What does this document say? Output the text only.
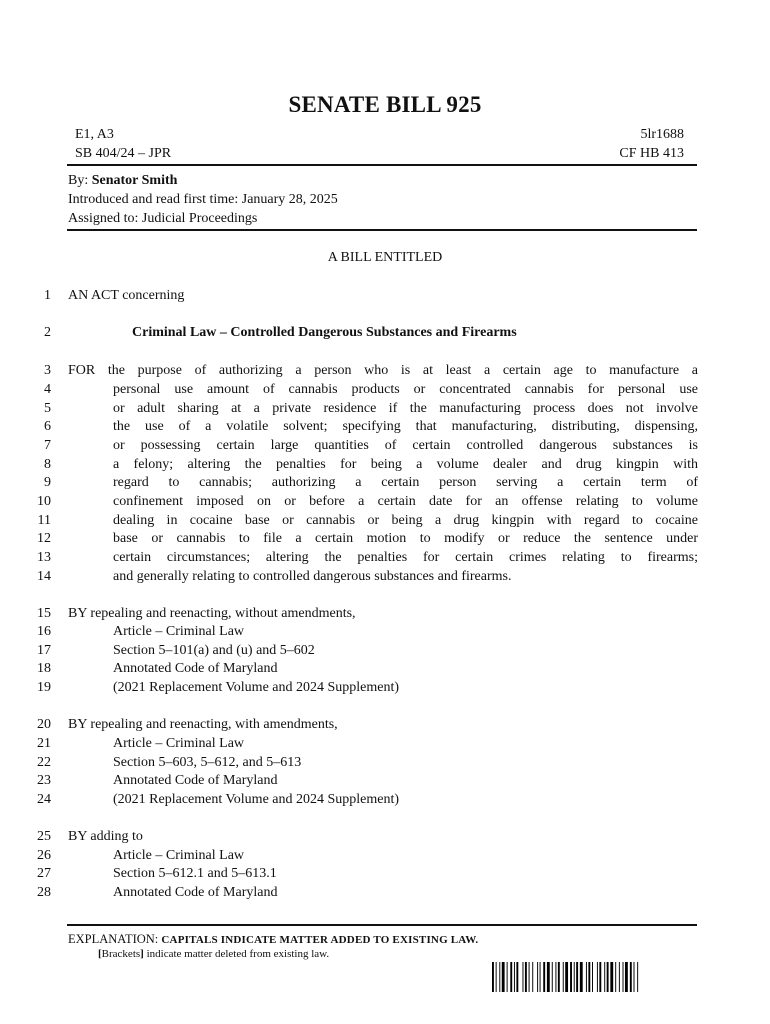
SENATE BILL 925
E1, A3
SB 404/24 – JPR
5lr1688
CF HB 413
By: Senator Smith
Introduced and read first time: January 28, 2025
Assigned to: Judicial Proceedings
A BILL ENTITLED
1 AN ACT concerning
2	Criminal Law – Controlled Dangerous Substances and Firearms
3 FOR the purpose of authorizing a person who is at least a certain age to manufacture a
4	personal use amount of cannabis products or concentrated cannabis for personal use
5	or adult sharing at a private residence if the manufacturing process does not involve
6	the use of a volatile solvent; specifying that manufacturing, distributing, dispensing,
7	or possessing certain large quantities of certain controlled dangerous substances is
8	a felony; altering the penalties for being a volume dealer and drug kingpin with
9	regard to cannabis; authorizing a certain person serving a certain term of
10	confinement imposed on or before a certain date for an offense relating to volume
11	dealing in cocaine base or cannabis or being a drug kingpin with regard to cocaine
12	base or cannabis to file a certain motion to modify or reduce the sentence under
13	certain circumstances; altering the penalties for certain crimes relating to firearms;
14	and generally relating to controlled dangerous substances and firearms.
15 BY repealing and reenacting, without amendments,
16	Article – Criminal Law
17	Section 5–101(a) and (u) and 5–602
18	Annotated Code of Maryland
19	(2021 Replacement Volume and 2024 Supplement)
20 BY repealing and reenacting, with amendments,
21	Article – Criminal Law
22	Section 5–603, 5–612, and 5–613
23	Annotated Code of Maryland
24	(2021 Replacement Volume and 2024 Supplement)
25 BY adding to
26	Article – Criminal Law
27	Section 5–612.1 and 5–613.1
28	Annotated Code of Maryland
EXPLANATION: CAPITALS INDICATE MATTER ADDED TO EXISTING LAW.
[Brackets] indicate matter deleted from existing law.
